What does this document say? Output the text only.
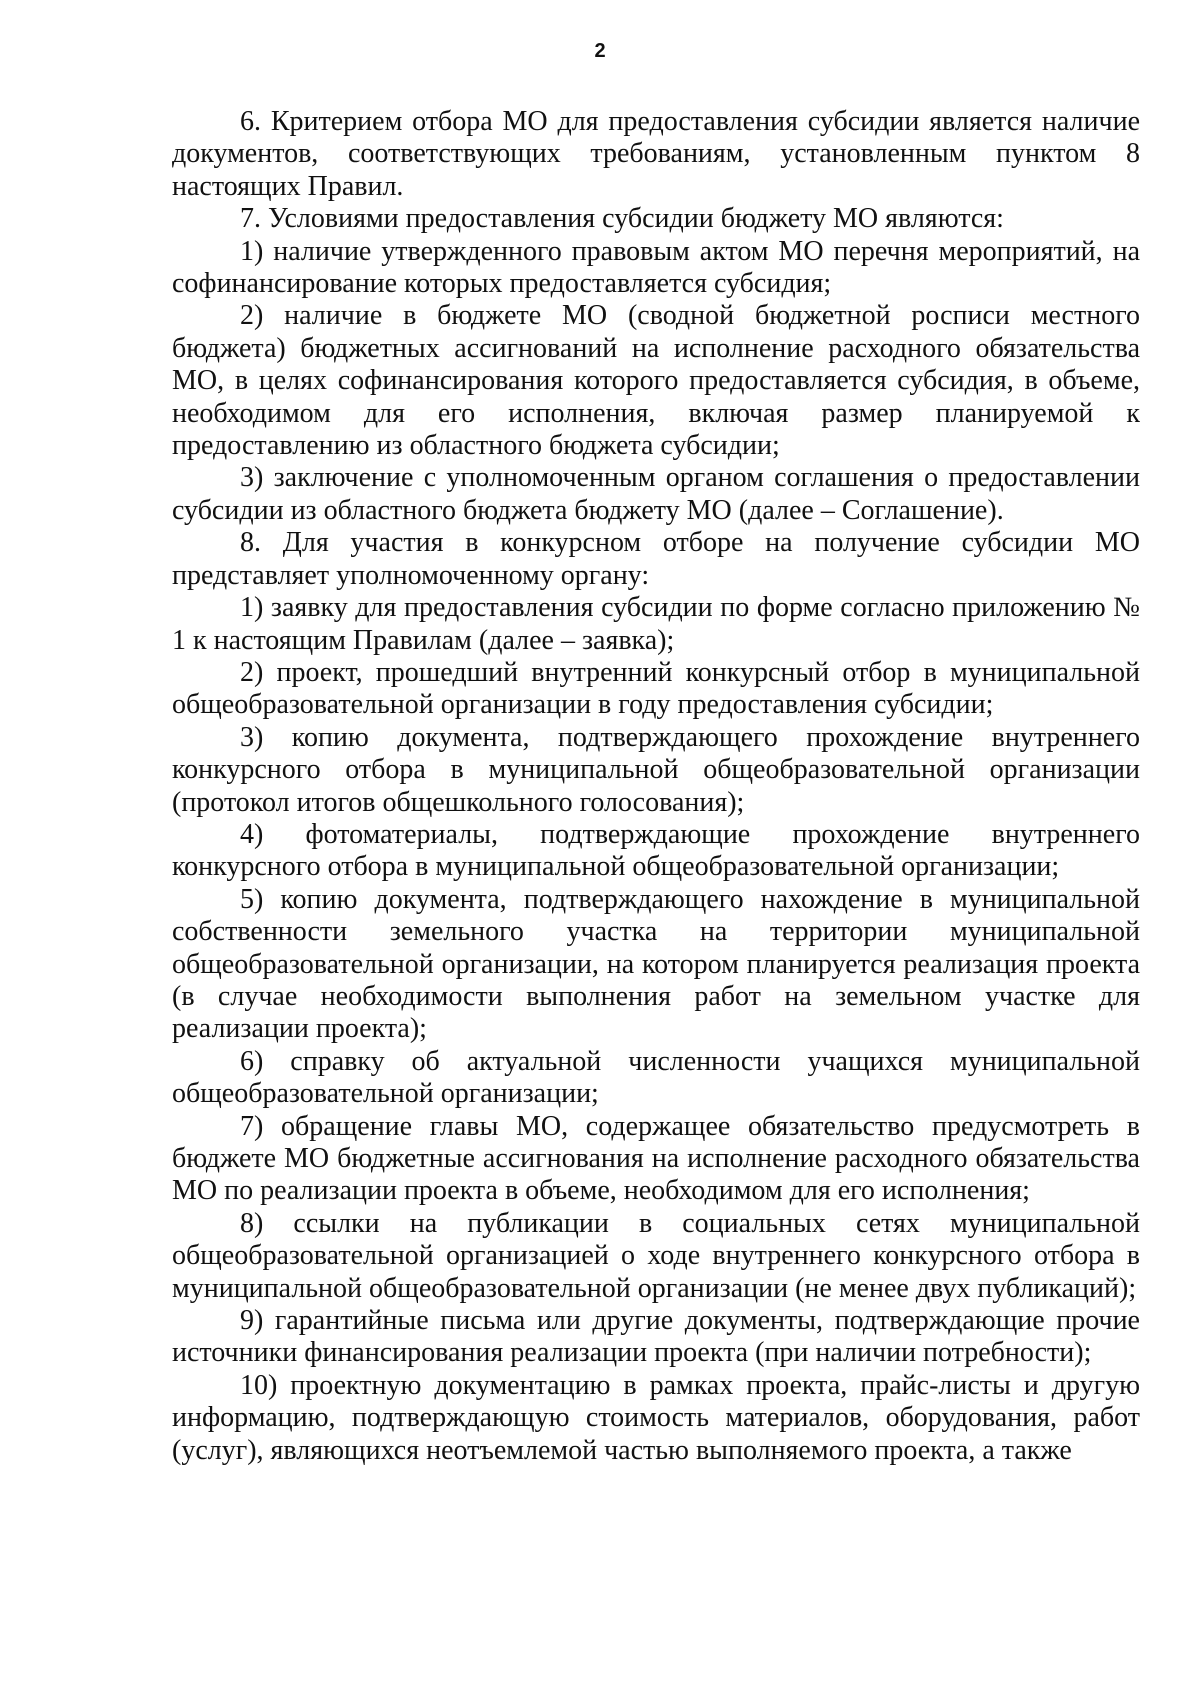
2

6. Критерием отбора МО для предоставления субсидии является наличие документов, соответствующих требованиям, установленным пунктом 8 настоящих Правил.

7. Условиями предоставления субсидии бюджету МО являются:

1) наличие утвержденного правовым актом МО перечня мероприятий, на софинансирование которых предоставляется субсидия;

2) наличие в бюджете МО (сводной бюджетной росписи местного бюджета) бюджетных ассигнований на исполнение расходного обязательства МО, в целях софинансирования которого предоставляется субсидия, в объеме, необходимом для его исполнения, включая размер планируемой к предоставлению из областного бюджета субсидии;

3) заключение с уполномоченным органом соглашения о предоставлении субсидии из областного бюджета бюджету МО (далее – Соглашение).

8. Для участия в конкурсном отборе на получение субсидии МО представляет уполномоченному органу:

1) заявку для предоставления субсидии по форме согласно приложению № 1 к настоящим Правилам (далее – заявка);

2) проект, прошедший внутренний конкурсный отбор в муниципальной общеобразовательной организации в году предоставления субсидии;

3) копию документа, подтверждающего прохождение внутреннего конкурсного отбора в муниципальной общеобразовательной организации (протокол итогов общешкольного голосования);

4) фотоматериалы, подтверждающие прохождение внутреннего конкурсного отбора в муниципальной общеобразовательной организации;

5) копию документа, подтверждающего нахождение в муниципальной собственности земельного участка на территории муниципальной общеобразовательной организации, на котором планируется реализация проекта (в случае необходимости выполнения работ на земельном участке для реализации проекта);

6) справку об актуальной численности учащихся муниципальной общеобразовательной организации;

7) обращение главы МО, содержащее обязательство предусмотреть в бюджете МО бюджетные ассигнования на исполнение расходного обязательства МО по реализации проекта в объеме, необходимом для его исполнения;

8) ссылки на публикации в социальных сетях муниципальной общеобразовательной организацией о ходе внутреннего конкурсного отбора в муниципальной общеобразовательной организации (не менее двух публикаций);

9) гарантийные письма или другие документы, подтверждающие прочие источники финансирования реализации проекта (при наличии потребности);

10) проектную документацию в рамках проекта, прайс-листы и другую информацию, подтверждающую стоимость материалов, оборудования, работ (услуг), являющихся неотъемлемой частью выполняемого проекта, а также
